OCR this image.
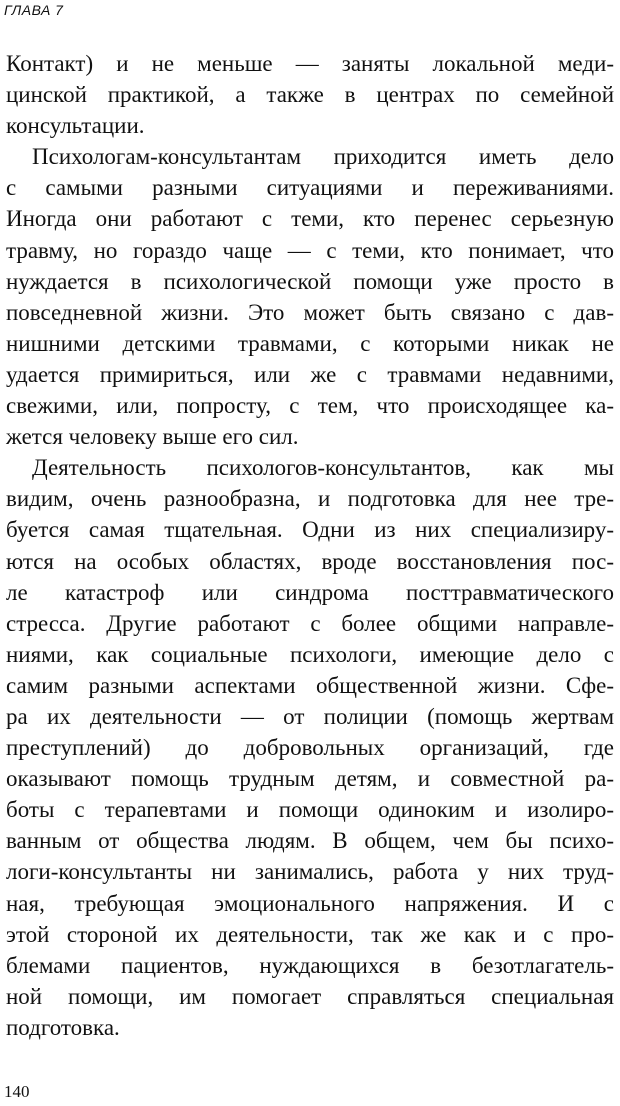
ГЛАВА 7
Контакт) и не меньше — заняты локальной меди-
цинской практикой, а также в центрах по семейной
консультации.
Психологам-консультантам приходится иметь дело
с самыми разными ситуациями и переживаниями.
Иногда они работают с теми, кто перенес серьезную
травму, но гораздо чаще — с теми, кто понимает, что
нуждается в психологической помощи уже просто в
повседневной жизни. Это может быть связано с дав-
нишними детскими травмами, с которыми никак не
удается примириться, или же с травмами недавними,
свежими, или, попросту, с тем, что происходящее ка-
жется человеку выше его сил.
Деятельность психологов-консультантов, как мы
видим, очень разнообразна, и подготовка для нее тре-
буется самая тщательная. Одни из них специализиру-
ются на особых областях, вроде восстановления пос-
ле катастроф или синдрома посттравматического
стресса. Другие работают с более общими направле-
ниями, как социальные психологи, имеющие дело с
самим разными аспектами общественной жизни. Сфе-
ра их деятельности — от полиции (помощь жертвам
преступлений) до добровольных организаций, где
оказывают помощь трудным детям, и совместной ра-
боты с терапевтами и помощи одиноким и изолиро-
ванным от общества людям. В общем, чем бы психо-
логи-консультанты ни занимались, работа у них труд-
ная, требующая эмоционального напряжения. И с
этой стороной их деятельности, так же как и с про-
блемами пациентов, нуждающихся в безотлагатель-
ной помощи, им помогает справляться специальная
подготовка.
140
